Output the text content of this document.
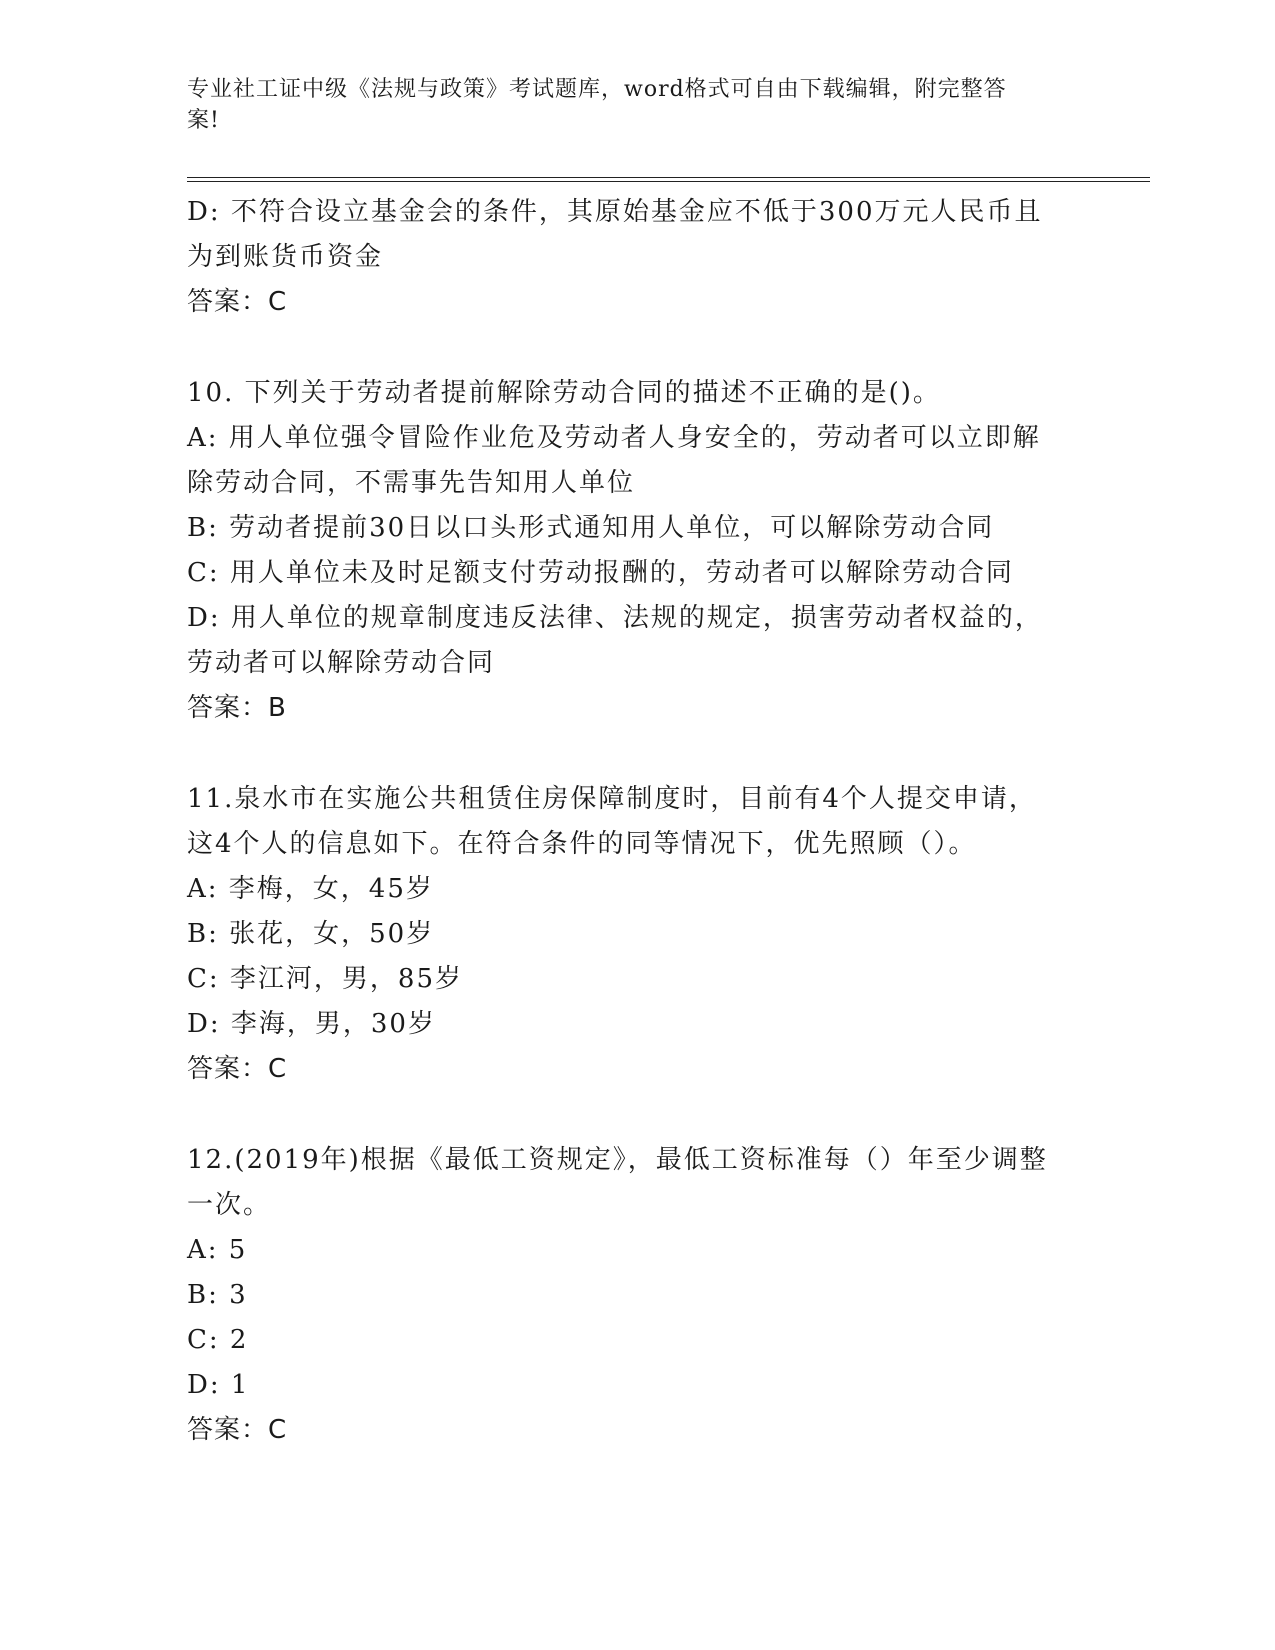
专业社工证中级《法规与政策》考试题库，word格式可自由下载编辑，附完整答
案!
D: 不符合设立基金会的条件，其原始基金应不低于300万元人民币且
为到账货币资金
答案：C
10. 下列关于劳动者提前解除劳动合同的描述不正确的是()。
A: 用人单位强令冒险作业危及劳动者人身安全的，劳动者可以立即解
除劳动合同，不需事先告知用人单位
B: 劳动者提前30日以口头形式通知用人单位，可以解除劳动合同
C: 用人单位未及时足额支付劳动报酬的，劳动者可以解除劳动合同
D: 用人单位的规章制度违反法律、法规的规定，损害劳动者权益的，
劳动者可以解除劳动合同
答案：B
11.泉水市在实施公共租赁住房保障制度时，目前有4个人提交申请，
这4个人的信息如下。在符合条件的同等情况下，优先照顾（）。
A: 李梅，女，45岁
B: 张花，女，50岁
C: 李江河，男，85岁
D: 李海，男，30岁
答案：C
12.(2019年)根据《最低工资规定》，最低工资标准每（）年至少调整
一次。
A: 5
B: 3
C: 2
D: 1
答案：C
